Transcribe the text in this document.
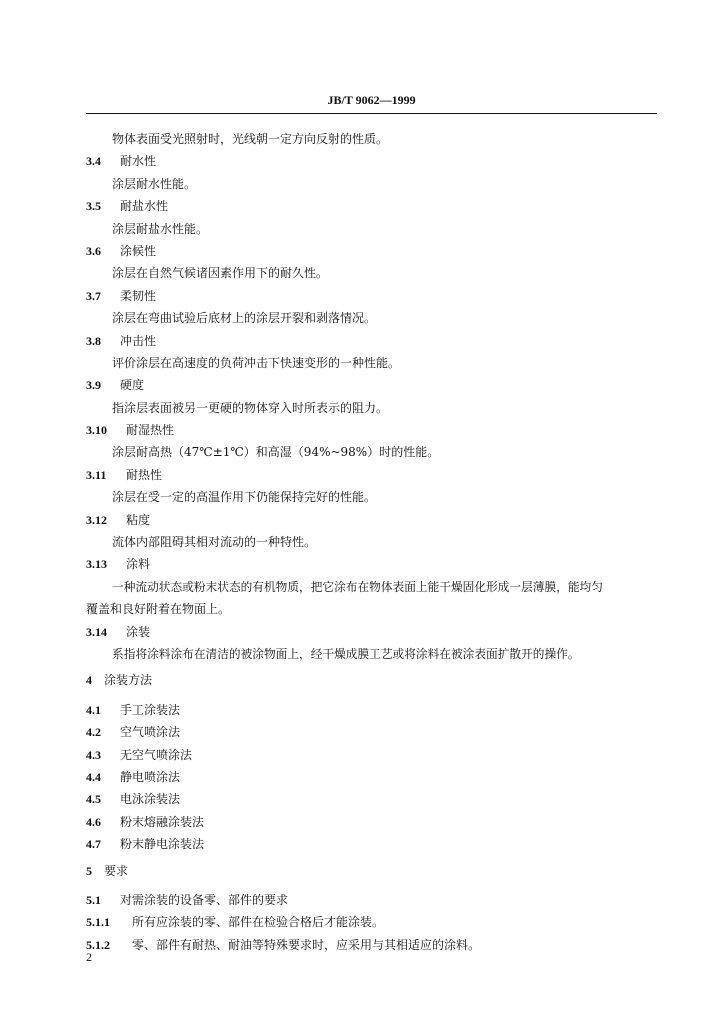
JB/T 9062—1999
物体表面受光照射时，光线朝一定方向反射的性质。
3.4 耐水性
涂层耐水性能。
3.5 耐盐水性
涂层耐盐水性能。
3.6 涂候性
涂层在自然气候诸因素作用下的耐久性。
3.7 柔韧性
涂层在弯曲试验后底材上的涂层开裂和剥落情况。
3.8 冲击性
评价涂层在高速度的负荷冲击下快速变形的一种性能。
3.9 硬度
指涂层表面被另一更硬的物体穿入时所表示的阻力。
3.10 耐湿热性
涂层耐高热（47℃±1℃）和高湿（94%~98%）时的性能。
3.11 耐热性
涂层在受一定的高温作用下仍能保持完好的性能。
3.12 粘度
流体内部阻碍其相对流动的一种特性。
3.13 涂料
一种流动状态或粉末状态的有机物质，把它涂布在物体表面上能干燥固化形成一层薄膜，能均匀
覆盖和良好附着在物面上。
3.14 涂装
系指将涂料涂布在清洁的被涂物面上，经干燥成膜工艺或将涂料在被涂表面扩散开的操作。
4 涂装方法
4.1 手工涂装法
4.2 空气喷涂法
4.3 无空气喷涂法
4.4 静电喷涂法
4.5 电泳涂装法
4.6 粉末熔融涂装法
4.7 粉末静电涂装法
5 要求
5.1 对需涂装的设备零、部件的要求
5.1.1 所有应涂装的零、部件在检验合格后才能涂装。
5.1.2 零、部件有耐热、耐油等特殊要求时，应采用与其相适应的涂料。
2
